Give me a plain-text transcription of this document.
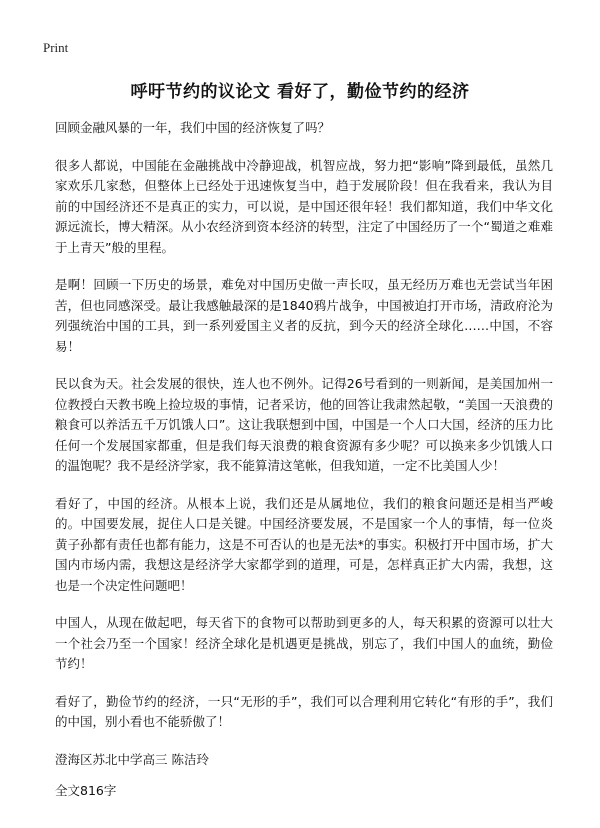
Print
呼吁节约的议论文 看好了，勤俭节约的经济

回顾金融风暴的一年，我们中国的经济恢复了吗？

很多人都说，中国能在金融挑战中冷静迎战，机智应战，努力把“影响”降到最低，虽然几家欢乐几家愁，但整体上已经处于迅速恢复当中，趋于发展阶段！但在我看来，我认为目前的中国经济还不是真正的实力，可以说，是中国还很年轻！我们都知道，我们中华文化源远流长，博大精深。从小农经济到资本经济的转型，注定了中国经历了一个“蜀道之难难于上青天”般的里程。

是啊！回顾一下历史的场景，难免对中国历史做一声长叹，虽无经历万难也无尝试当年困苦，但也同感深受。最让我感触最深的是1840鸦片战争，中国被迫打开市场，清政府沦为列强统治中国的工具，到一系列爱国主义者的反抗，到今天的经济全球化……中国，不容易！

民以食为天。社会发展的很快，连人也不例外。记得26号看到的一则新闻，是美国加州一位教授白天教书晚上捡垃圾的事情，记者采访，他的回答让我肃然起敬，“美国一天浪费的粮食可以养活五千万饥饿人口”。这让我联想到中国，中国是一个人口大国，经济的压力比任何一个发展国家都重，但是我们每天浪费的粮食资源有多少呢？可以换来多少饥饿人口的温饱呢？我不是经济学家，我不能算清这笔帐，但我知道，一定不比美国人少！

看好了，中国的经济。从根本上说，我们还是从属地位，我们的粮食问题还是相当严峻的。中国要发展，捉住人口是关键。中国经济要发展，不是国家一个人的事情，每一位炎黄子孙都有责任也都有能力，这是不可否认的也是无法*的事实。积极打开中国市场，扩大国内市场内需，我想这是经济学大家都学到的道理，可是，怎样真正扩大内需，我想，这也是一个决定性问题吧！

中国人，从现在做起吧，每天省下的食物可以帮助到更多的人，每天积累的资源可以壮大一个社会乃至一个国家！经济全球化是机遇更是挑战，别忘了，我们中国人的血统，勤俭节约！

看好了，勤俭节约的经济，一只“无形的手”，我们可以合理利用它转化“有形的手”，我们的中国，别小看也不能骄傲了！

澄海区苏北中学高三 陈洁玲

全文816字
